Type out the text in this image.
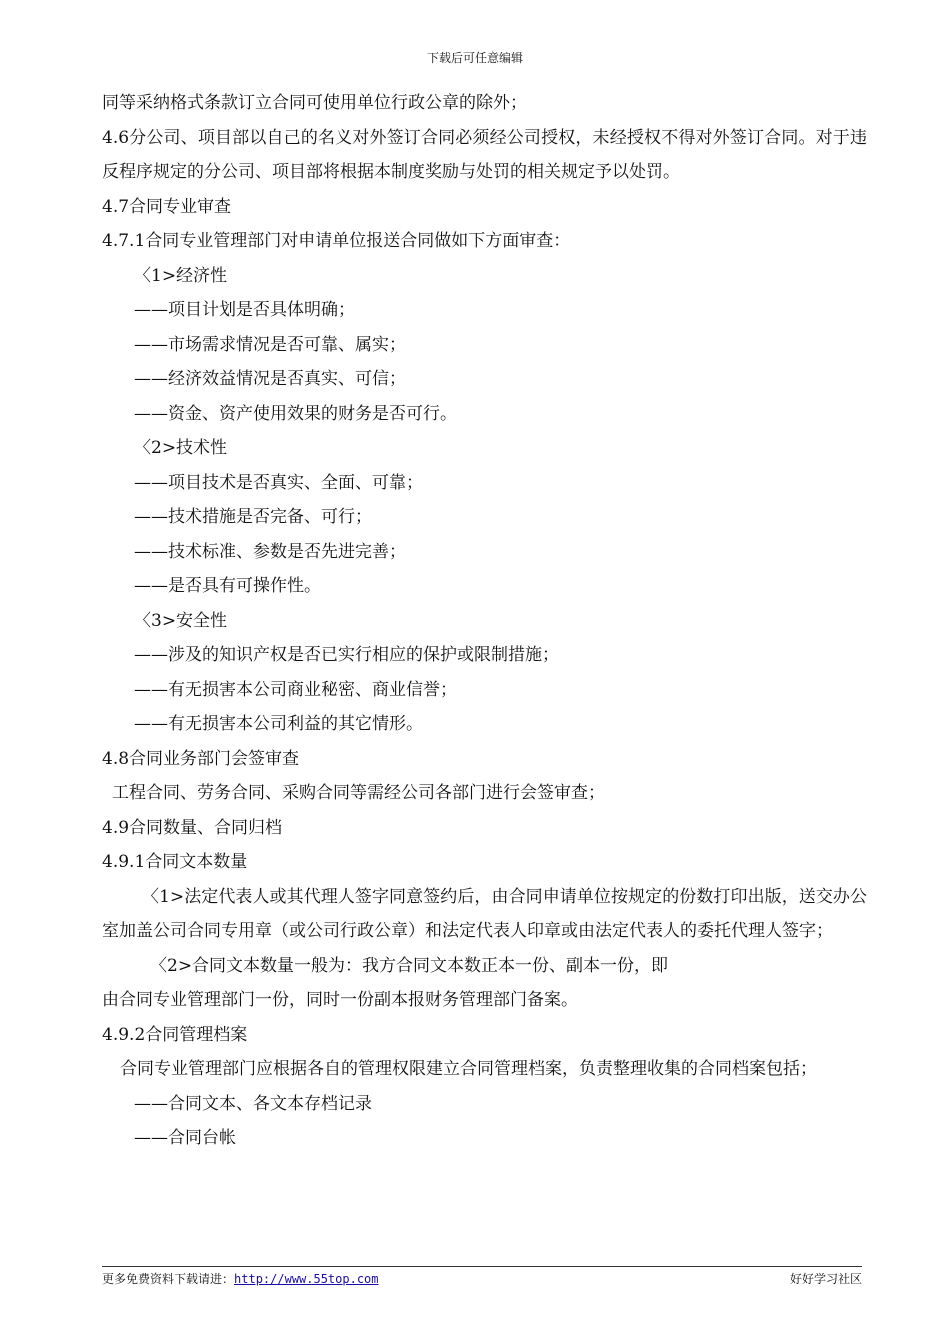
下载后可任意编辑
同等采纳格式条款订立合同可使用单位行政公章的除外；
4.6分公司、项目部以自己的名义对外签订合同必须经公司授权，未经授权不得对外签订合同。对于违反程序规定的分公司、项目部将根据本制度奖励与处罚的相关规定予以处罚。
4.7合同专业审查
4.7.1合同专业管理部门对申请单位报送合同做如下方面审查：
〈1>经济性
——项目计划是否具体明确；
——市场需求情况是否可靠、属实；
——经济效益情况是否真实、可信；
——资金、资产使用效果的财务是否可行。
〈2>技术性
——项目技术是否真实、全面、可靠；
——技术措施是否完备、可行；
——技术标准、参数是否先进完善；
——是否具有可操作性。
〈3>安全性
——涉及的知识产权是否已实行相应的保护或限制措施；
——有无损害本公司商业秘密、商业信誉；
——有无损害本公司利益的其它情形。
4.8合同业务部门会签审查
工程合同、劳务合同、采购合同等需经公司各部门进行会签审查；
4.9合同数量、合同归档
4.9.1合同文本数量
〈1>法定代表人或其代理人签字同意签约后，由合同申请单位按规定的份数打印出版，送交办公室加盖公司合同专用章（或公司行政公章）和法定代表人印章或由法定代表人的委托代理人签字；
〈2>合同文本数量一般为：我方合同文本数正本一份、副本一份，即
由合同专业管理部门一份，同时一份副本报财务管理部门备案。
4.9.2合同管理档案
合同专业管理部门应根据各自的管理权限建立合同管理档案，负责整理收集的合同档案包括；
——合同文本、各文本存档记录
——合同台帐
更多免费资料下载请进：http://www.55top.com	好好学习社区
